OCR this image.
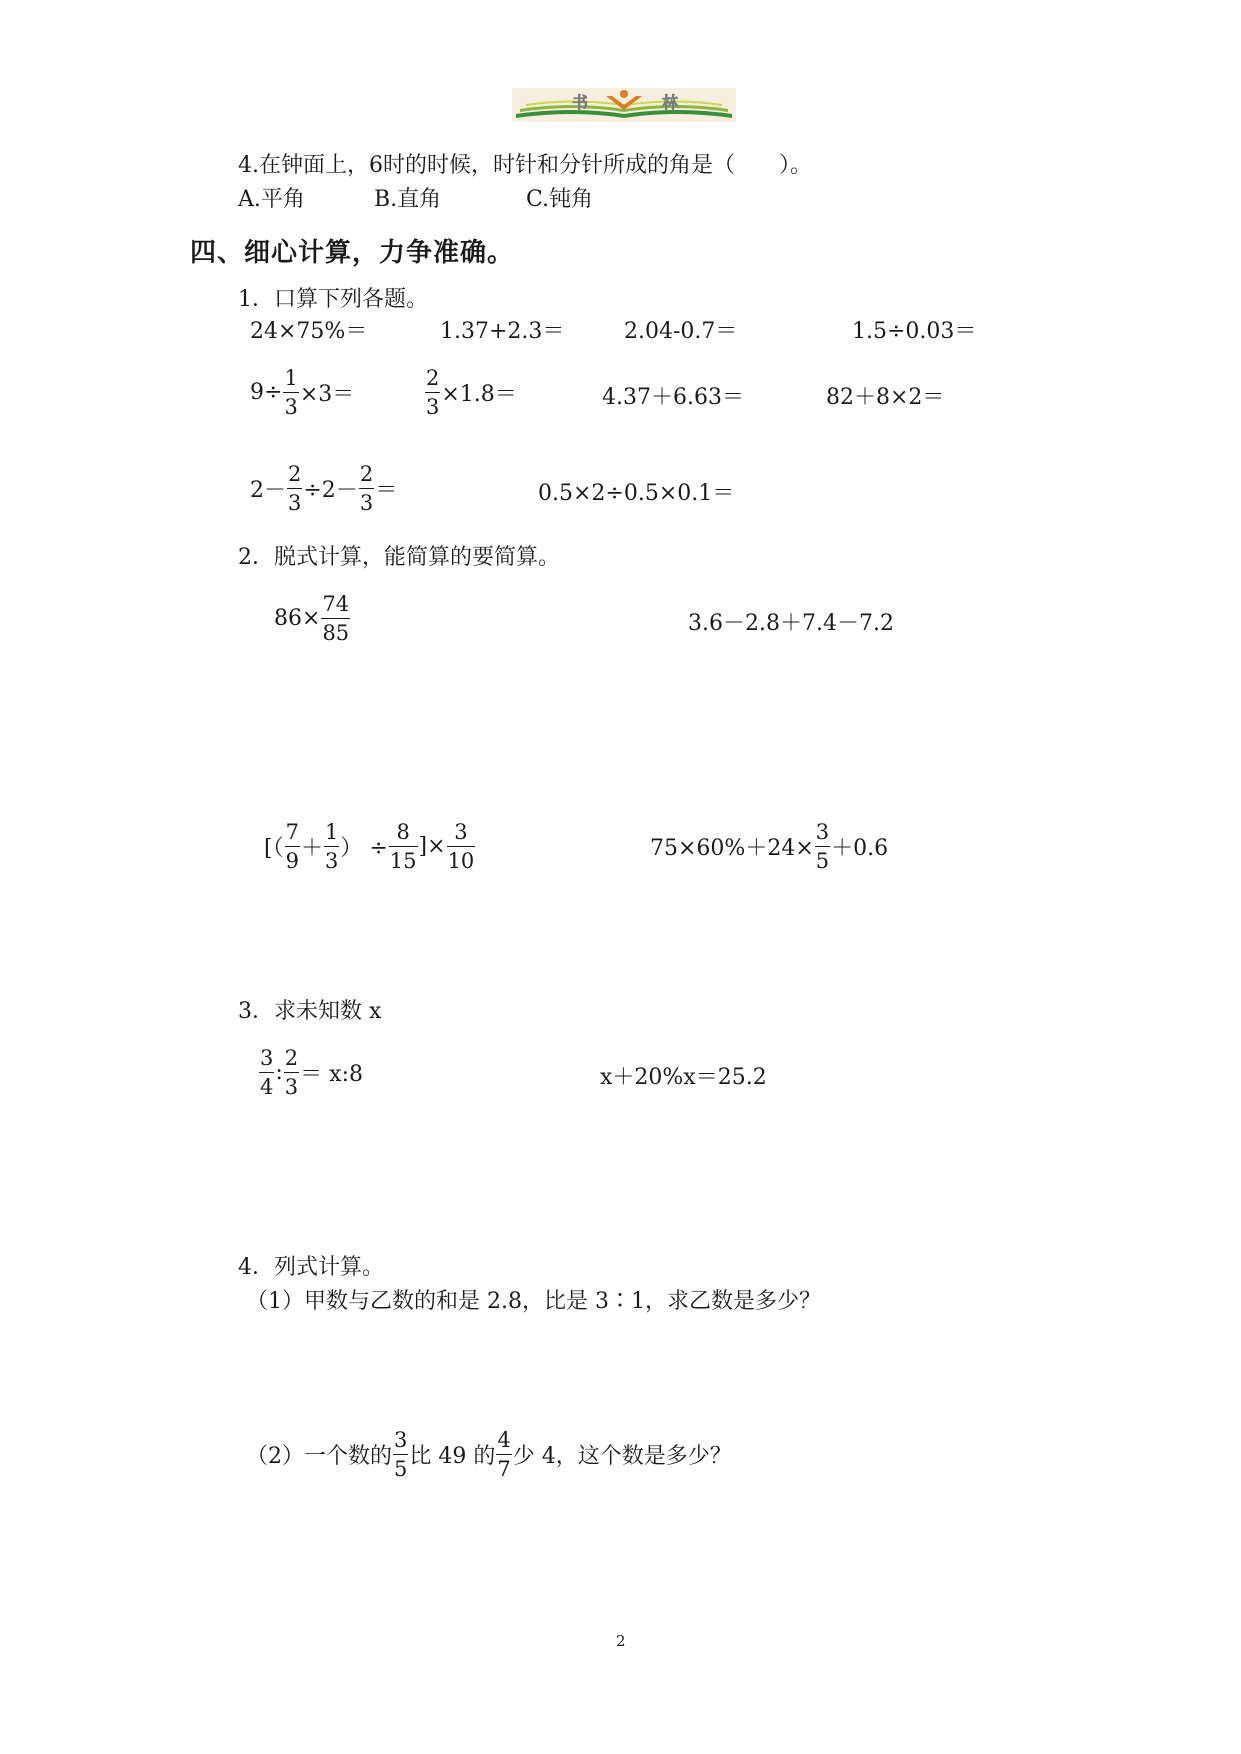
书	林
4.在钟面上，6时的时候，时针和分针所成的角是（　　）。
A.平角	B.直角	C.钝角
四、细心计算，力争准确。
1．口算下列各题。
24×75%＝	1.37+2.3＝	2.04-0.7＝	1.5÷0.03＝
$9\div \frac{1}{3} \times 3=$	$\frac{2}{3} \times 1.8=$	4.37＋6.63＝	82＋8×2＝
$2- \frac{2}{3} \div 2- \frac{2}{3}$ ＝	0.5×2÷0.5×0.1＝
2．脱式计算，能简算的要简算。
$86\times \frac{74}{85}$	3.6－2.8＋7.4－7.2
[（ $\frac{7}{9} + \frac{1}{3}$ ） ÷ $\frac{8}{15}$ ]× $\frac{3}{10}$	$75\times 60\%+24\times \frac{3}{5} +0.6$
3．求未知数 x
$\frac{3}{4}$ : $\frac{2}{3}$ ＝ x:8	x＋20%x＝25.2
4．列式计算。
（1）甲数与乙数的和是 2.8，比是 3∶1，求乙数是多少？
（2）一个数的 $\frac{3}{5}$ 比 49 的 $\frac{4}{7}$ 少 4，这个数是多少？
2
